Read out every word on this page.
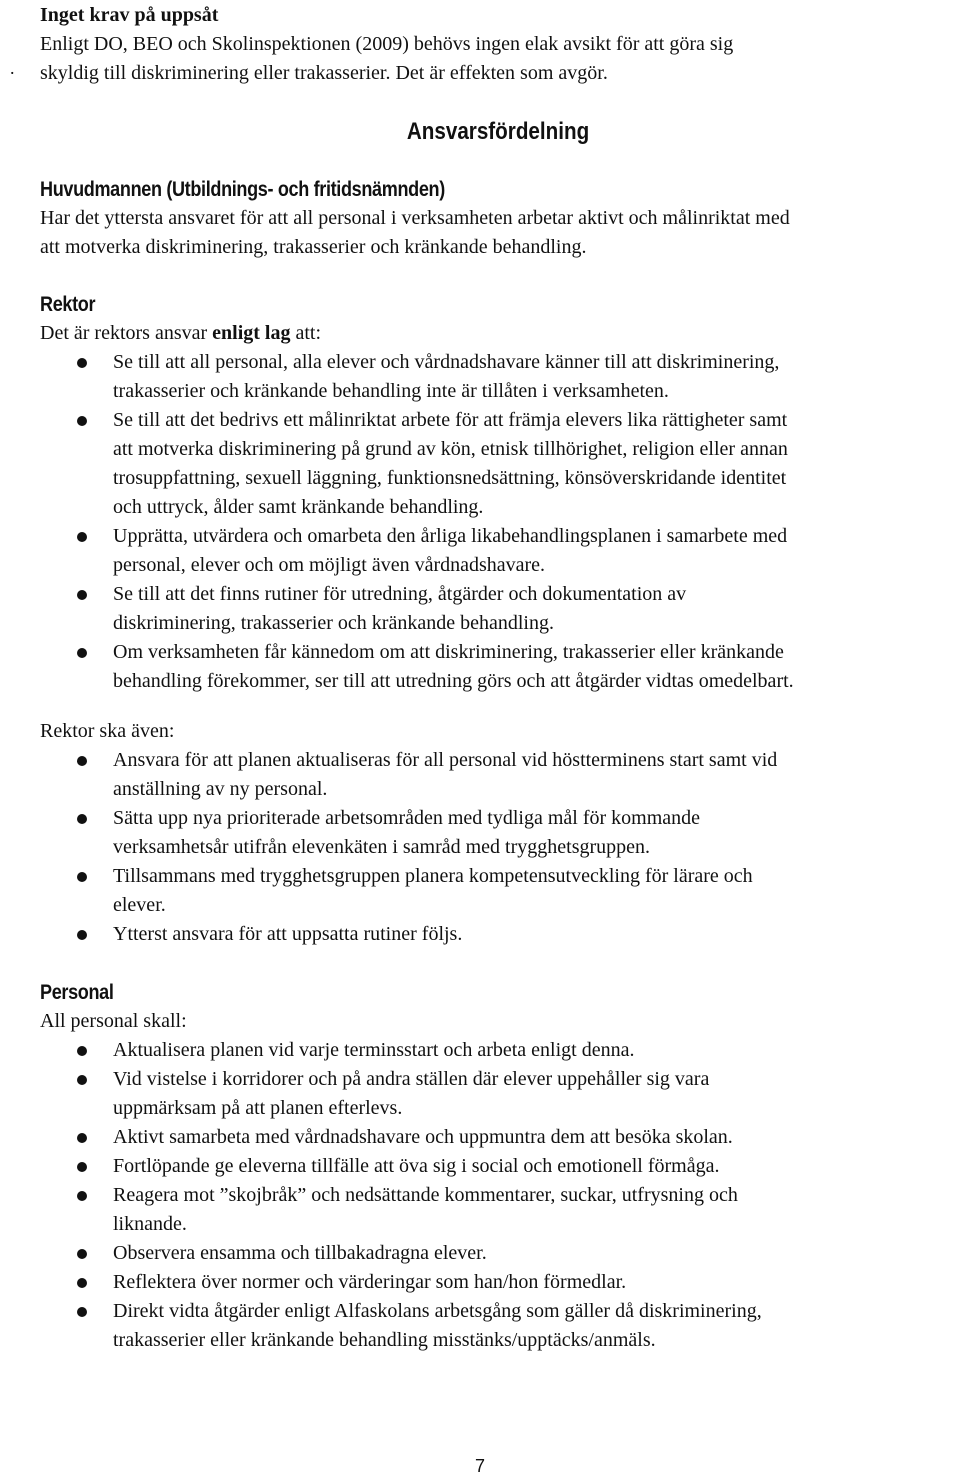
.
Inget krav på uppsåt
Enligt DO, BEO och Skolinspektionen (2009) behövs ingen elak avsikt för att göra sig
skyldig till diskriminering eller trakasserier. Det är effekten som avgör.
Ansvarsfördelning
Huvudmannen (Utbildnings- och fritidsnämnden)
Har det yttersta ansvaret för att all personal i verksamheten arbetar aktivt och målinriktat med
att motverka diskriminering, trakasserier och kränkande behandling.
Rektor
Det är rektors ansvar enligt lag att:
Se till att all personal, alla elever och vårdnadshavare känner till att diskriminering,
trakasserier och kränkande behandling inte är tillåten i verksamheten.
Se till att det bedrivs ett målinriktat arbete för att främja elevers lika rättigheter samt
att motverka diskriminering på grund av kön, etnisk tillhörighet, religion eller annan
trosuppfattning, sexuell läggning, funktionsnedsättning, könsöverskridande identitet
och uttryck, ålder samt kränkande behandling.
Upprätta, utvärdera och omarbeta den årliga likabehandlingsplanen i samarbete med
personal, elever och om möjligt även vårdnadshavare.
Se till att det finns rutiner för utredning, åtgärder och dokumentation av
diskriminering, trakasserier och kränkande behandling.
Om verksamheten får kännedom om att diskriminering, trakasserier eller kränkande
behandling förekommer, ser till att utredning görs och att åtgärder vidtas omedelbart.
Rektor ska även:
Ansvara för att planen aktualiseras för all personal vid höstterminens start samt vid
anställning av ny personal.
Sätta upp nya prioriterade arbetsområden med tydliga mål för kommande
verksamhetsår utifrån elevenkäten i samråd med trygghetsgruppen.
Tillsammans med trygghetsgruppen planera kompetensutveckling för lärare och
elever.
Ytterst ansvara för att uppsatta rutiner följs.
Personal
All personal skall:
Aktualisera planen vid varje terminsstart och arbeta enligt denna.
Vid vistelse i korridorer och på andra ställen där elever uppehåller sig vara
uppmärksam på att planen efterlevs.
Aktivt samarbeta med vårdnadshavare och uppmuntra dem att besöka skolan.
Fortlöpande ge eleverna tillfälle att öva sig i social och emotionell förmåga.
Reagera mot ”skojbråk” och nedsättande kommentarer, suckar, utfrysning och
liknande.
Observera ensamma och tillbakadragna elever.
Reflektera över normer och värderingar som han/hon förmedlar.
Direkt vidta åtgärder enligt Alfaskolans arbetsgång som gäller då diskriminering,
trakasserier eller kränkande behandling misstänks/upptäcks/anmäls.
7
